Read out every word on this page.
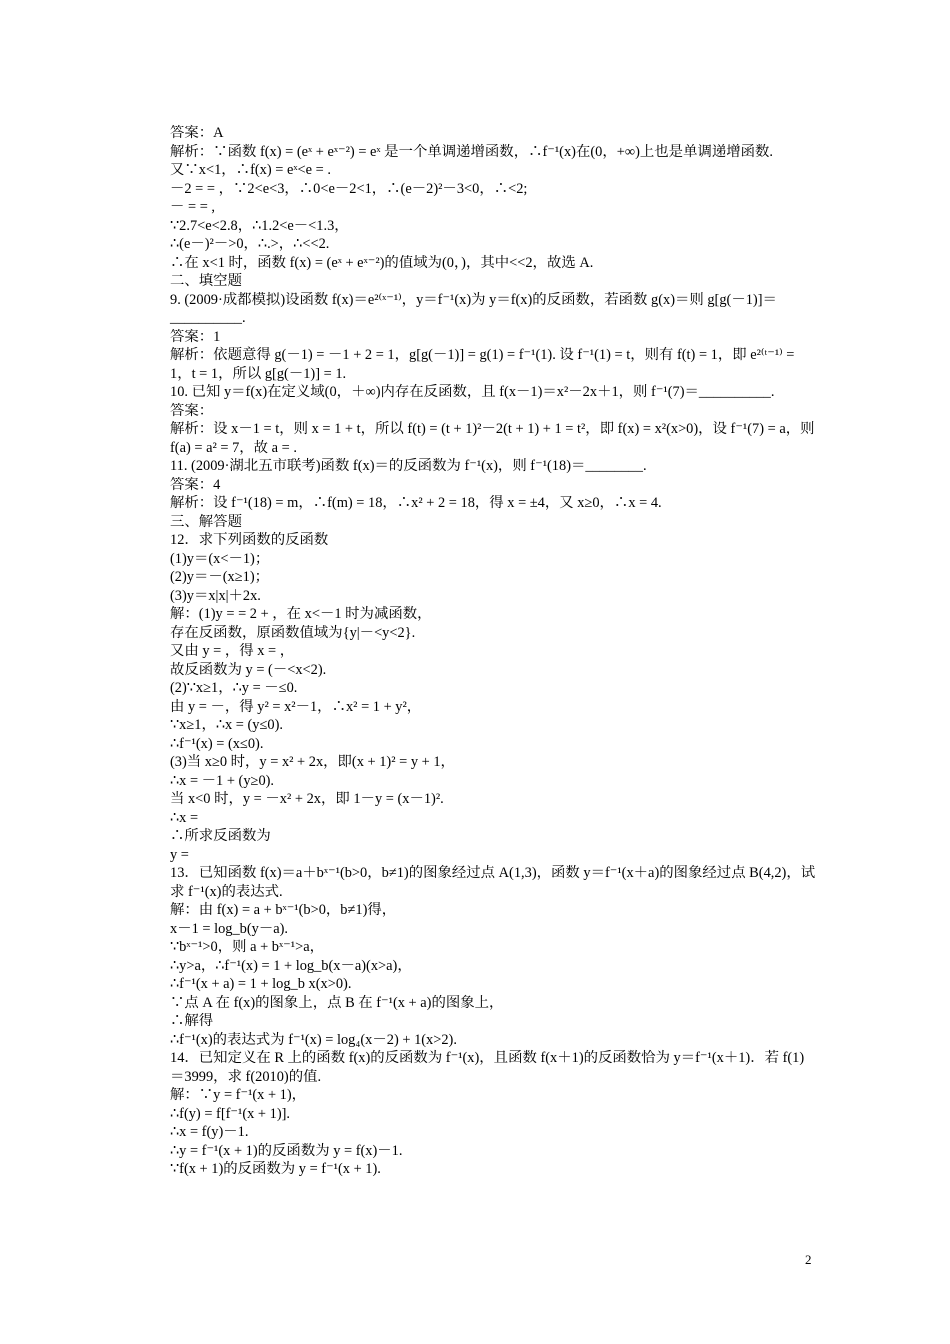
答案：A
解析：∵函数 f(x) = (eˣ + eˣ⁻²) = eˣ 是一个单调递增函数，∴f⁻¹(x)在(0，+∞)上也是单调递增函数.
又∵x<1，∴f(x) = eˣ<e = .
－2 = = ，∵2<e<3，∴0<e－2<1，∴(e－2)²－3<0，∴<2;
－ = = ,
∵2.7<e<2.8，∴1.2<e－<1.3，
∴(e－)²－>0，∴.>，∴<<2.
∴在 x<1 时，函数 f(x) = (eˣ + eˣ⁻²)的值域为(0，)，其中<<2，故选 A.
二、填空题
9. (2009·成都模拟)设函数 f(x)＝e²⁽ˣ⁻¹⁾，y＝f⁻¹(x)为 y＝f(x)的反函数，若函数 g(x)＝则 g[g(－1)]＝__________.
答案：1
解析：依题意得 g(－1) = －1 + 2 = 1，g[g(－1)] = g(1) = f⁻¹(1). 设 f⁻¹(1) = t，则有 f(t) = 1，即 e²⁽ᵗ⁻¹⁾ = 1，t = 1，所以 g[g(－1)] = 1.
10. 已知 y＝f(x)在定义域(0，＋∞)内存在反函数，且 f(x－1)＝x²－2x＋1，则 f⁻¹(7)＝__________.
答案：
解析：设 x－1 = t，则 x = 1 + t，所以 f(t) = (t + 1)²－2(t + 1) + 1 = t²，即 f(x) = x²(x>0)，设 f⁻¹(7) = a，则 f(a) = a² = 7，故 a = .
11. (2009·湖北五市联考)函数 f(x)＝的反函数为 f⁻¹(x)，则 f⁻¹(18)＝________.
答案：4
解析：设 f⁻¹(18) = m，∴f(m) = 18，∴x² + 2 = 18，得 x = ±4，又 x≥0，∴x = 4.
三、解答题
12．求下列函数的反函数
(1)y＝(x<－1)；
(2)y＝－(x≥1)；
(3)y＝x|x|＋2x.
解：(1)y = = 2 + ，在 x<－1 时为减函数，
存在反函数，原函数值域为{y|－<y<2}.
又由 y = ，得 x = ，
故反函数为 y = (－<x<2).
(2)∵x≥1，∴y = －≤0.
由 y = －，得 y² = x²－1，∴x² = 1 + y²，
∵x≥1，∴x = (y≤0).
∴f⁻¹(x) = (x≤0).
(3)当 x≥0 时，y = x² + 2x，即(x + 1)² = y + 1，
∴x = －1 + (y≥0).
当 x<0 时，y = －x² + 2x，即 1－y = (x－1)².
∴x =
∴所求反函数为
y =
13．已知函数 f(x)＝a＋bˣ⁻¹(b>0，b≠1)的图象经过点 A(1,3)，函数 y＝f⁻¹(x＋a)的图象经过点 B(4,2)，试求 f⁻¹(x)的表达式.
解：由 f(x) = a + bˣ⁻¹(b>0，b≠1)得，
x－1 = log_b(y－a).
∵bˣ⁻¹>0，则 a + bˣ⁻¹>a，
∴y>a，∴f⁻¹(x) = 1 + log_b(x－a)(x>a)，
∴f⁻¹(x + a) = 1 + log_b x(x>0).
∵点 A 在 f(x)的图象上，点 B 在 f⁻¹(x + a)的图象上，
∴解得
∴f⁻¹(x)的表达式为 f⁻¹(x) = log₄(x－2) + 1(x>2).
14．已知定义在 R 上的函数 f(x)的反函数为 f⁻¹(x)，且函数 f(x＋1)的反函数恰为 y＝f⁻¹(x＋1)．若 f(1)＝3999，求 f(2010)的值.
解：∵y = f⁻¹(x + 1)，
∴f(y) = f[f⁻¹(x + 1)].
∴x = f(y)－1.
∴y = f⁻¹(x + 1)的反函数为 y = f(x)－1.
∵f(x + 1)的反函数为 y = f⁻¹(x + 1).
2
